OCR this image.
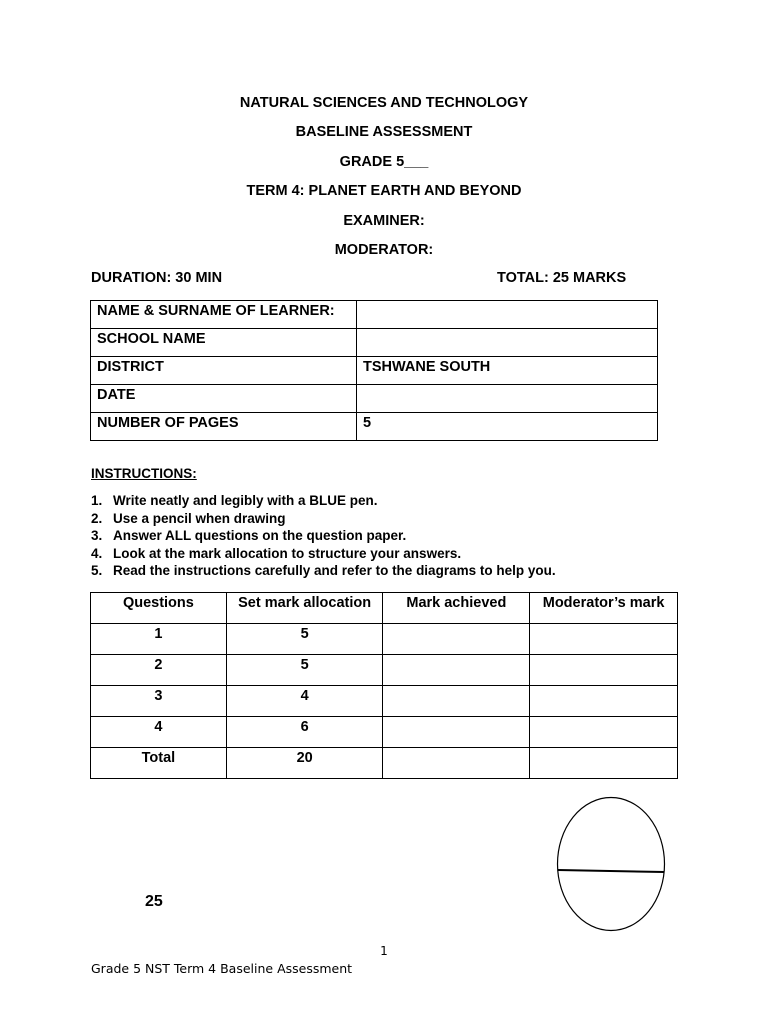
NATURAL SCIENCES AND TECHNOLOGY
BASELINE ASSESSMENT
GRADE 5___
TERM 4: PLANET EARTH AND BEYOND
EXAMINER:
MODERATOR:
DURATION: 30 MIN	TOTAL: 25 MARKS
NAME & SURNAME OF LEARNER:	
SCHOOL NAME	
DISTRICT	TSHWANE SOUTH
DATE	
NUMBER OF PAGES	5
INSTRUCTIONS:
1. Write neatly and legibly with a BLUE pen.
2. Use a pencil when drawing
3. Answer ALL questions on the question paper.
4. Look at the mark allocation to structure your answers.
5. Read the instructions carefully and refer to the diagrams to help you.
Questions	Set mark allocation	Mark achieved	Moderator’s mark
1	5		
2	5		
3	4		
4	6		
Total	20		
25
1
Grade 5 NST Term 4 Baseline Assessment
